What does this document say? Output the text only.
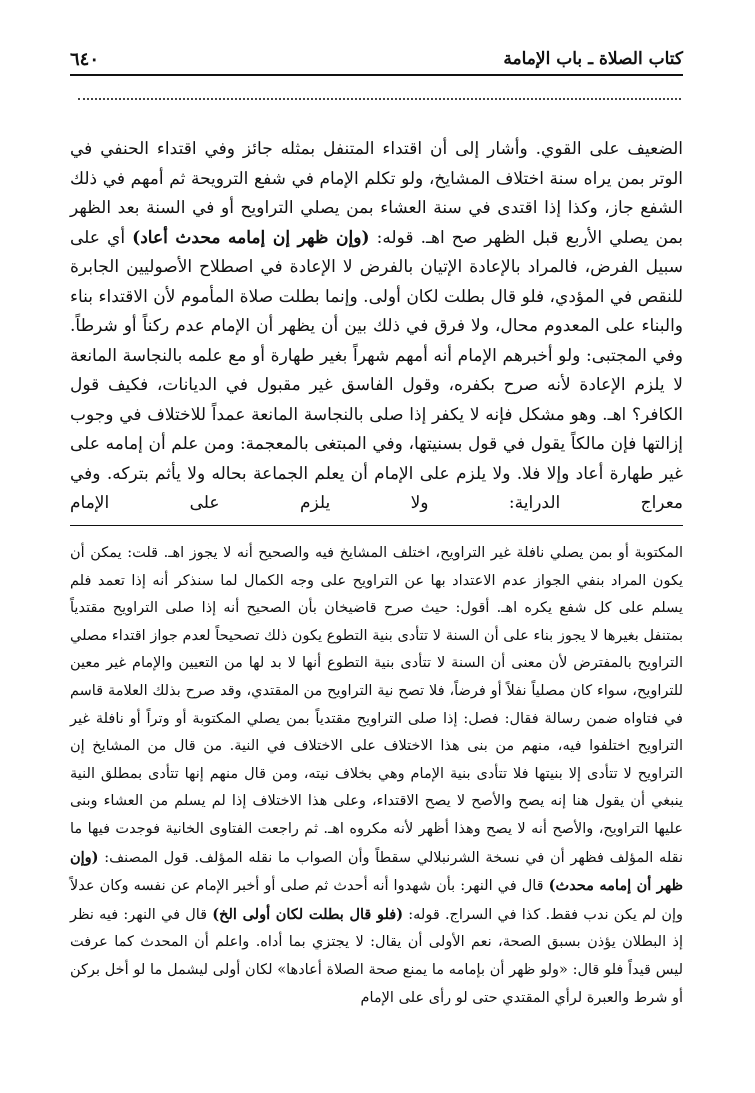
كتاب الصلاة ـ باب الإمامة
٦٤٠

الضعيف على القوي. وأشار إلى أن اقتداء المتنفل بمثله جائز وفي اقتداء الحنفي في الوتر بمن يراه سنة اختلاف المشايخ، ولو تكلم الإمام في شفع الترويحة ثم أمهم في ذلك الشفع جاز، وكذا إذا اقتدى في سنة العشاء بمن يصلي التراويح أو في السنة بعد الظهر بمن يصلي الأربع قبل الظهر صح اهـ. قوله: (وإن ظهر إن إمامه محدث أعاد) أي على سبيل الفرض، فالمراد بالإعادة الإتيان بالفرض لا الإعادة في اصطلاح الأصوليين الجابرة للنقص في المؤدي، فلو قال بطلت لكان أولى. وإنما بطلت صلاة المأموم لأن الاقتداء بناء والبناء على المعدوم محال، ولا فرق في ذلك بين أن يظهر أن الإمام عدم ركناً أو شرطاً. وفي المجتبى: ولو أخبرهم الإمام أنه أمهم شهراً بغير طهارة أو مع علمه بالنجاسة المانعة لا يلزم الإعادة لأنه صرح بكفره، وقول الفاسق غير مقبول في الديانات، فكيف قول الكافر؟ اهـ. وهو مشكل فإنه لا يكفر إذا صلى بالنجاسة المانعة عمداً للاختلاف في وجوب إزالتها فإن مالكاً يقول في قول بسنيتها، وفي المبتغى بالمعجمة: ومن علم أن إمامه على غير طهارة أعاد وإلا فلا. ولا يلزم على الإمام أن يعلم الجماعة بحاله ولا يأثم بتركه. وفي معراج الدراية: ولا يلزم على الإمام

المكتوبة أو بمن يصلي نافلة غير التراويح، اختلف المشايخ فيه والصحيح أنه لا يجوز اهـ. قلت: يمكن أن يكون المراد بنفي الجواز عدم الاعتداد بها عن التراويح على وجه الكمال لما سنذكر أنه إذا تعمد فلم يسلم على كل شفع يكره اهـ. أقول: حيث صرح قاضيخان بأن الصحيح أنه إذا صلى التراويح مقتدياً بمتنفل بغيرها لا يجوز بناء على أن السنة لا تتأدى بنية التطوع يكون ذلك تصحيحاً لعدم جواز اقتداء مصلي التراويح بالمفترض لأن معنى أن السنة لا تتأدى بنية التطوع أنها لا بد لها من التعيين والإمام غير معين للتراويح، سواء كان مصلياً نفلاً أو فرضاً، فلا تصح نية التراويح من المقتدي، وقد صرح بذلك العلامة قاسم في فتاواه ضمن رسالة فقال: فصل: إذا صلى التراويح مقتدياً بمن يصلي المكتوبة أو وتراً أو نافلة غير التراويح اختلفوا فيه، منهم من بنى هذا الاختلاف على الاختلاف في النية. من قال من المشايخ إن التراويح لا تتأدى إلا بنيتها فلا تتأدى بنية الإمام وهي بخلاف نيته، ومن قال منهم إنها تتأدى بمطلق النية ينبغي أن يقول هنا إنه يصح والأصح لا يصح الاقتداء، وعلى هذا الاختلاف إذا لم يسلم من العشاء وبنى عليها التراويح، والأصح أنه لا يصح وهذا أظهر لأنه مكروه اهـ. ثم راجعت الفتاوى الخانية فوجدت فيها ما نقله المؤلف فظهر أن في نسخة الشرنبلالي سقطاً وأن الصواب ما نقله المؤلف. قول المصنف: (وإن ظهر أن إمامه محدث) قال في النهر: بأن شهدوا أنه أحدث ثم صلى أو أخبر الإمام عن نفسه وكان عدلاً وإن لم يكن ندب فقط. كذا في السراج. قوله: (فلو قال بطلت لكان أولى الخ) قال في النهر: فيه نظر إذ البطلان يؤذن بسبق الصحة، نعم الأولى أن يقال: لا يجتزي بما أداه. واعلم أن المحدث كما عرفت ليس قيداً فلو قال: «ولو ظهر أن بإمامه ما يمنع صحة الصلاة أعادها» لكان أولى ليشمل ما لو أخل بركن أو شرط والعبرة لرأي المقتدي حتى لو رأى على الإمام
